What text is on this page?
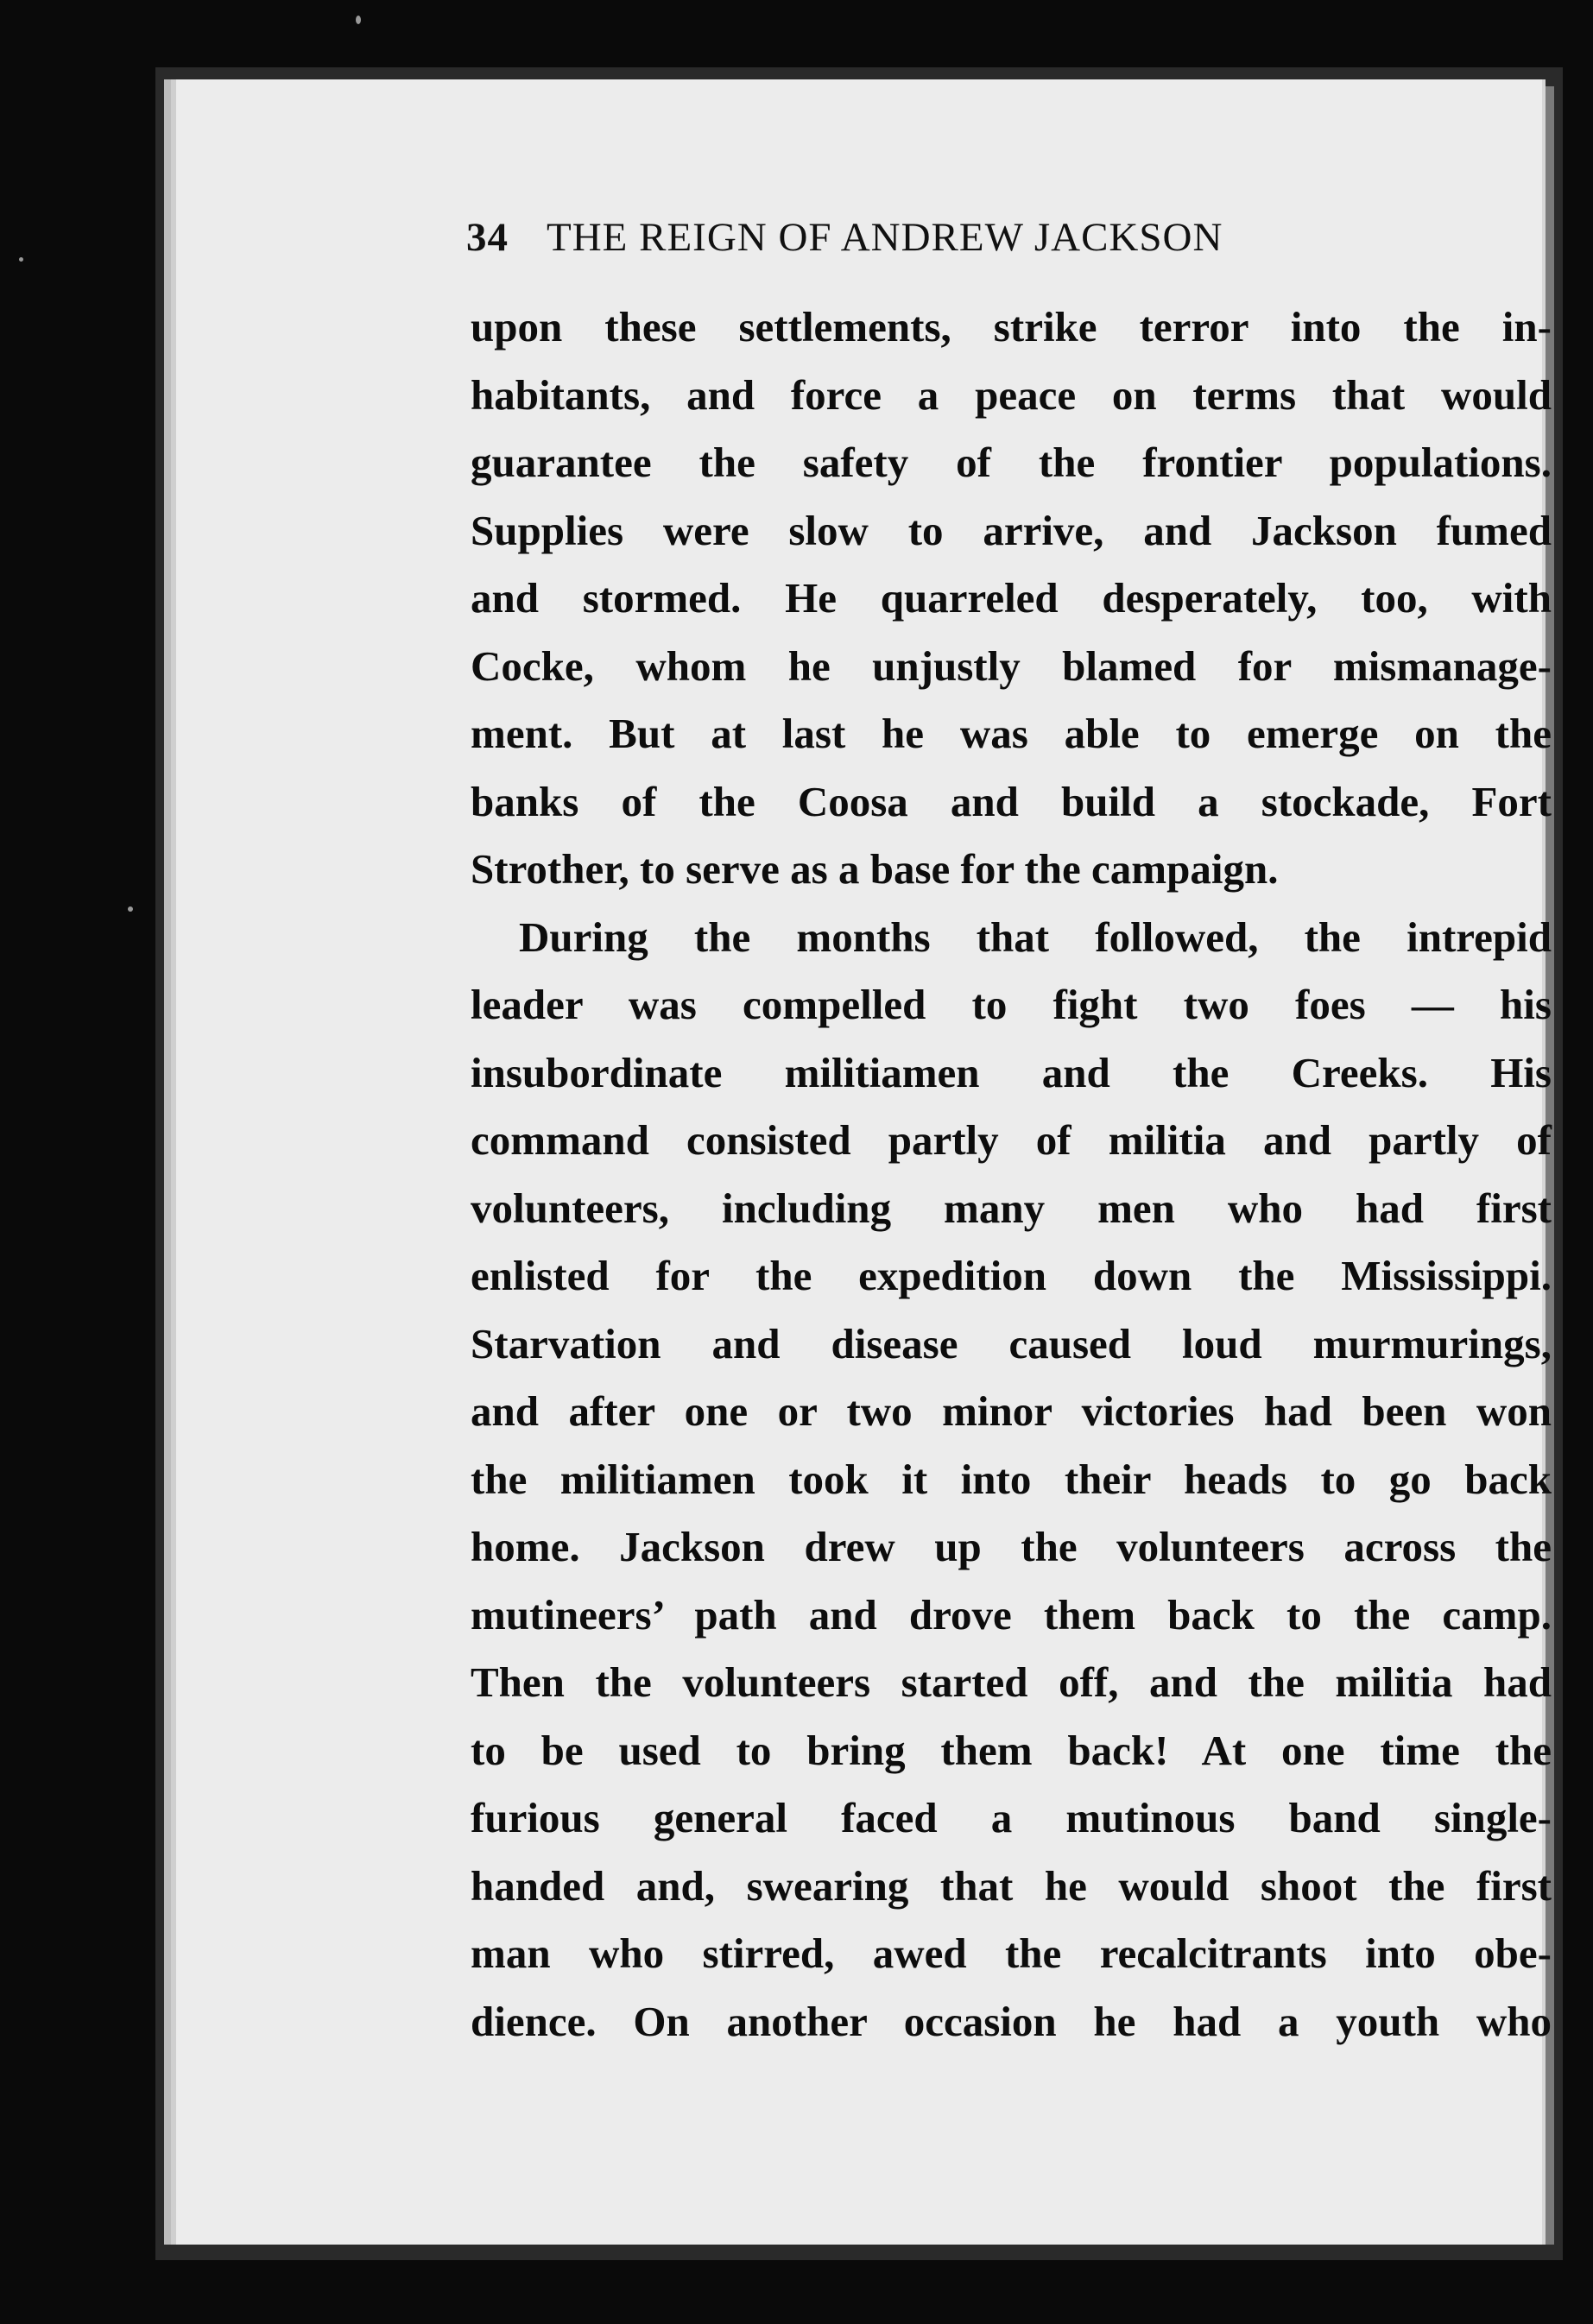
34 THE REIGN OF ANDREW JACKSON
upon these settlements, strike terror into the in-
habitants, and force a peace on terms that would
guarantee the safety of the frontier populations.
Supplies were slow to arrive, and Jackson fumed
and stormed. He quarreled desperately, too, with
Cocke, whom he unjustly blamed for mismanage-
ment. But at last he was able to emerge on the
banks of the Coosa and build a stockade, Fort
Strother, to serve as a base for the campaign.
During the months that followed, the intrepid
leader was compelled to fight two foes — his
insubordinate militiamen and the Creeks. His
command consisted partly of militia and partly of
volunteers, including many men who had first
enlisted for the expedition down the Mississippi.
Starvation and disease caused loud murmurings,
and after one or two minor victories had been won
the militiamen took it into their heads to go back
home. Jackson drew up the volunteers across the
mutineers’ path and drove them back to the camp.
Then the volunteers started off, and the militia had
to be used to bring them back! At one time the
furious general faced a mutinous band single-
handed and, swearing that he would shoot the first
man who stirred, awed the recalcitrants into obe-
dience. On another occasion he had a youth who
